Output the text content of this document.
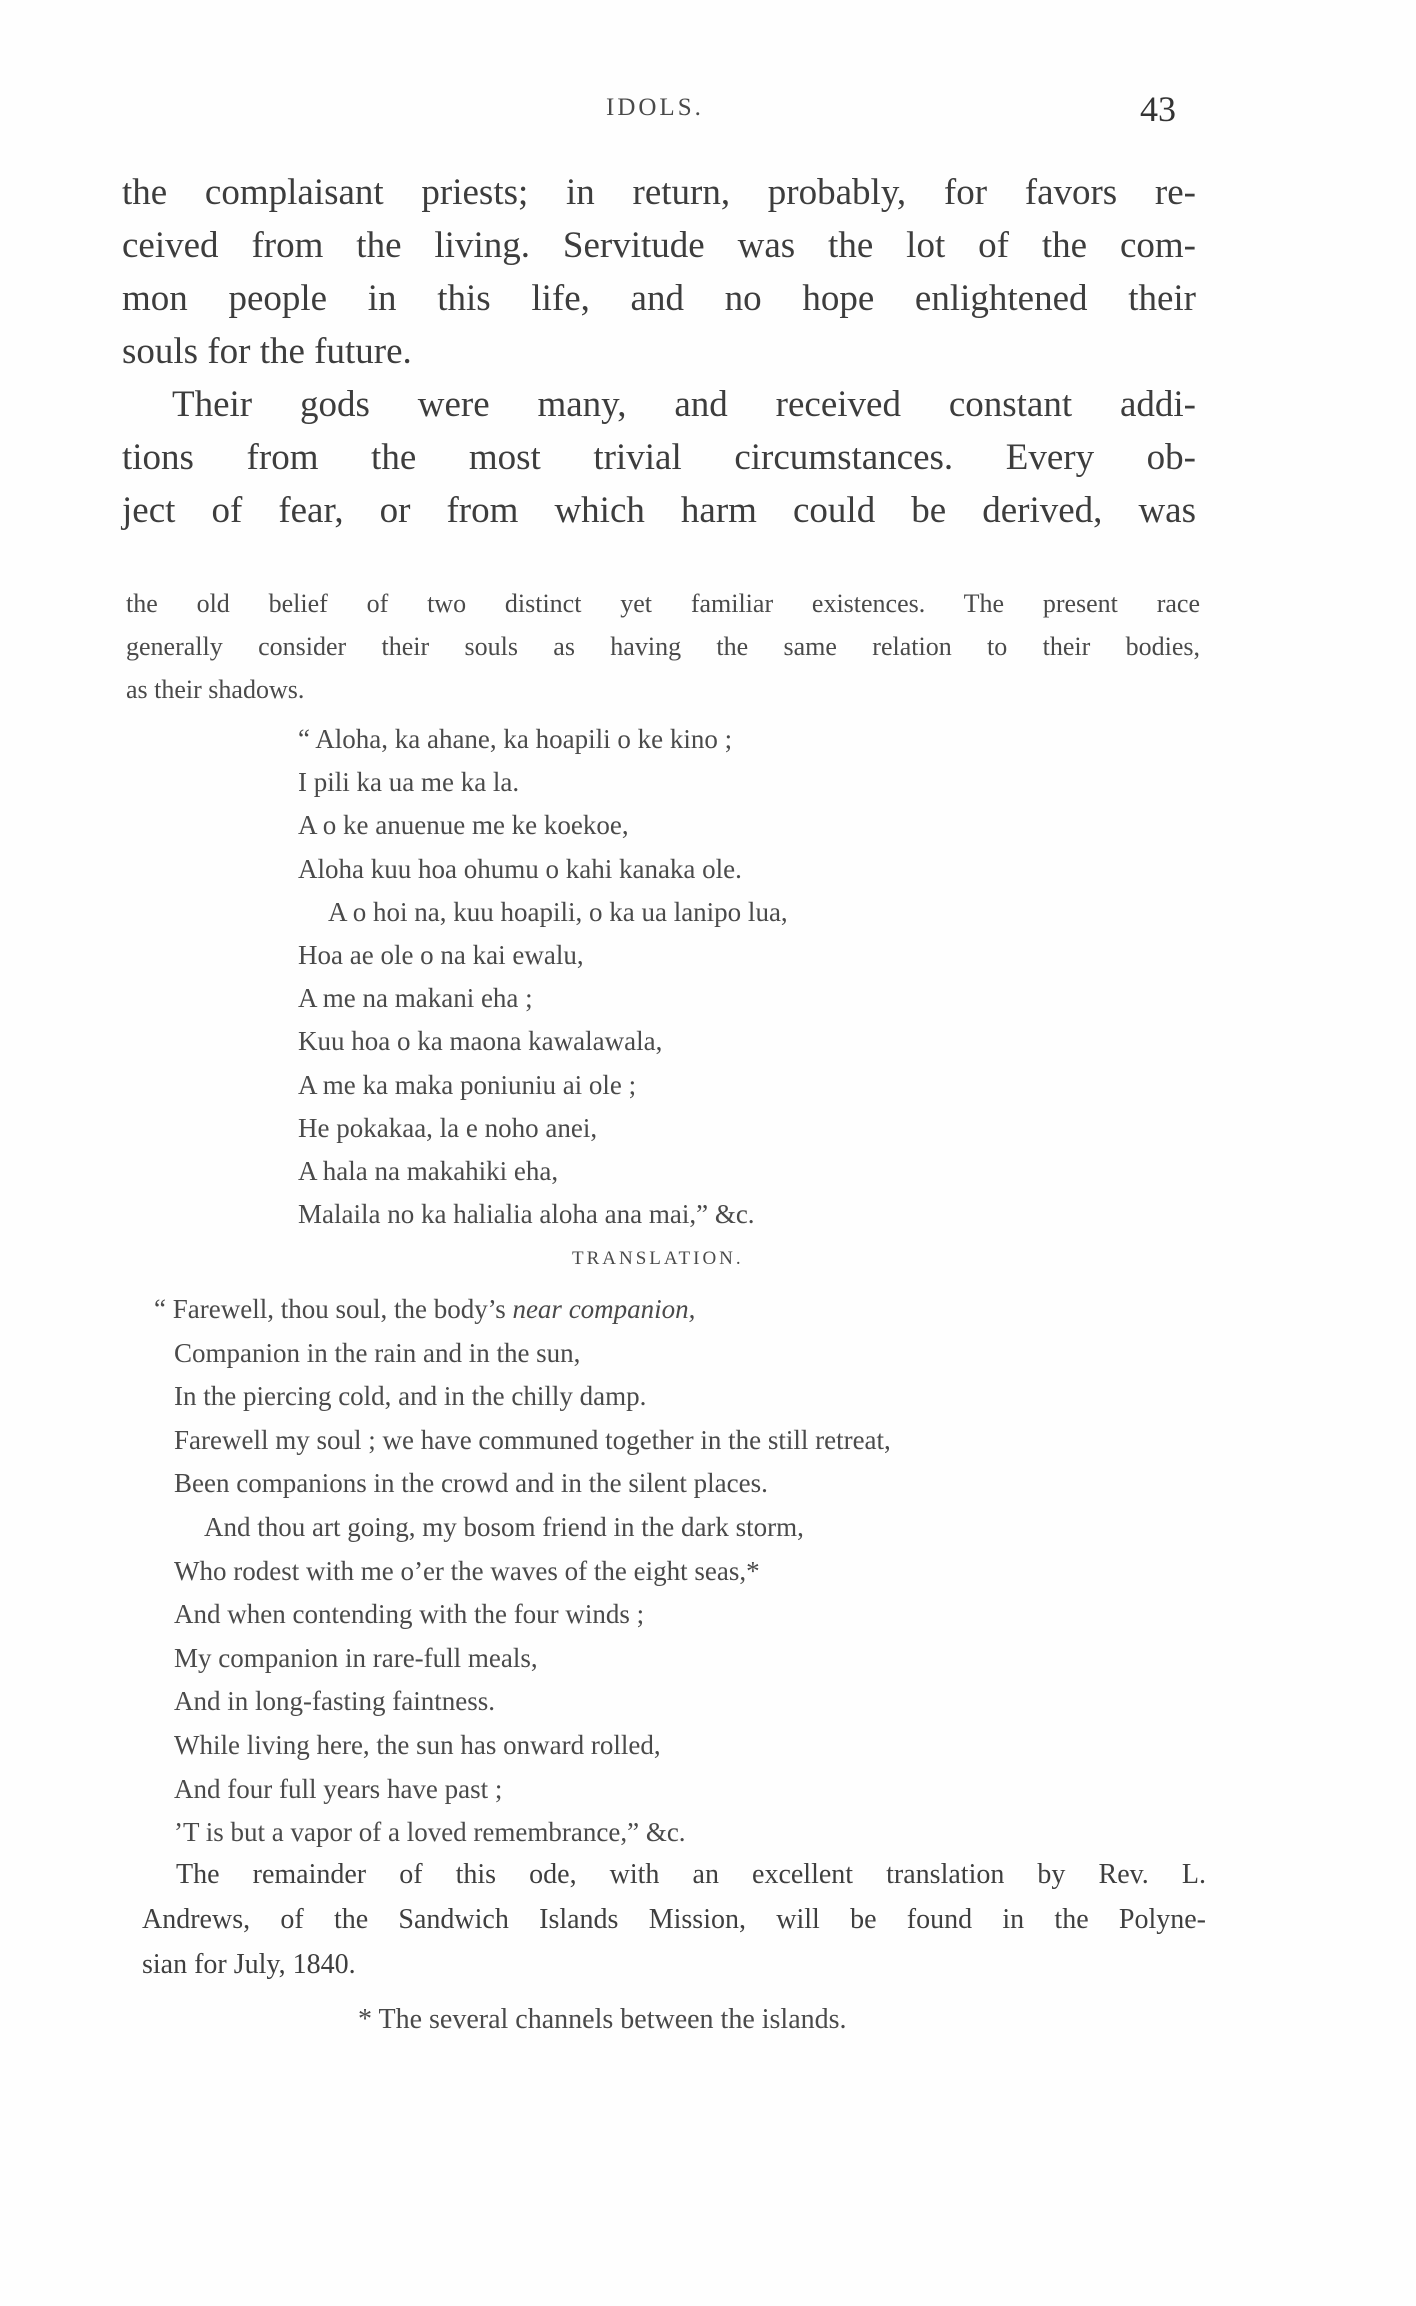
IDOLS.	43
the complaisant priests; in return, probably, for favors re-
ceived from the living. Servitude was the lot of the com-
mon people in this life, and no hope enlightened their
souls for the future.
Their gods were many, and received constant addi-
tions from the most trivial circumstances. Every ob-
ject of fear, or from which harm could be derived, was
the old belief of two distinct yet familiar existences. The present race
generally consider their souls as having the same relation to their bodies,
as their shadows.
“ Aloha, ka ahane, ka hoapili o ke kino ;
I pili ka ua me ka la.
A o ke anuenue me ke koekoe,
Aloha kuu hoa ohumu o kahi kanaka ole.
A o hoi na, kuu hoapili, o ka ua lanipo lua,
Hoa ae ole o na kai ewalu,
A me na makani eha ;
Kuu hoa o ka maona kawalawala,
A me ka maka poniuniu ai ole ;
He pokakaa, la e noho anei,
A hala na makahiki eha,
Malaila no ka halialia aloha ana mai,” &c.
TRANSLATION.
“ Farewell, thou soul, the body’s near companion,
Companion in the rain and in the sun,
In the piercing cold, and in the chilly damp.
Farewell my soul ; we have communed together in the still retreat,
Been companions in the crowd and in the silent places.
And thou art going, my bosom friend in the dark storm,
Who rodest with me o’er the waves of the eight seas,*
And when contending with the four winds ;
My companion in rare-full meals,
And in long-fasting faintness.
While living here, the sun has onward rolled,
And four full years have past ;
’T is but a vapor of a loved remembrance,” &c.
The remainder of this ode, with an excellent translation by Rev. L.
Andrews, of the Sandwich Islands Mission, will be found in the Polyne-
sian for July, 1840.
* The several channels between the islands.
